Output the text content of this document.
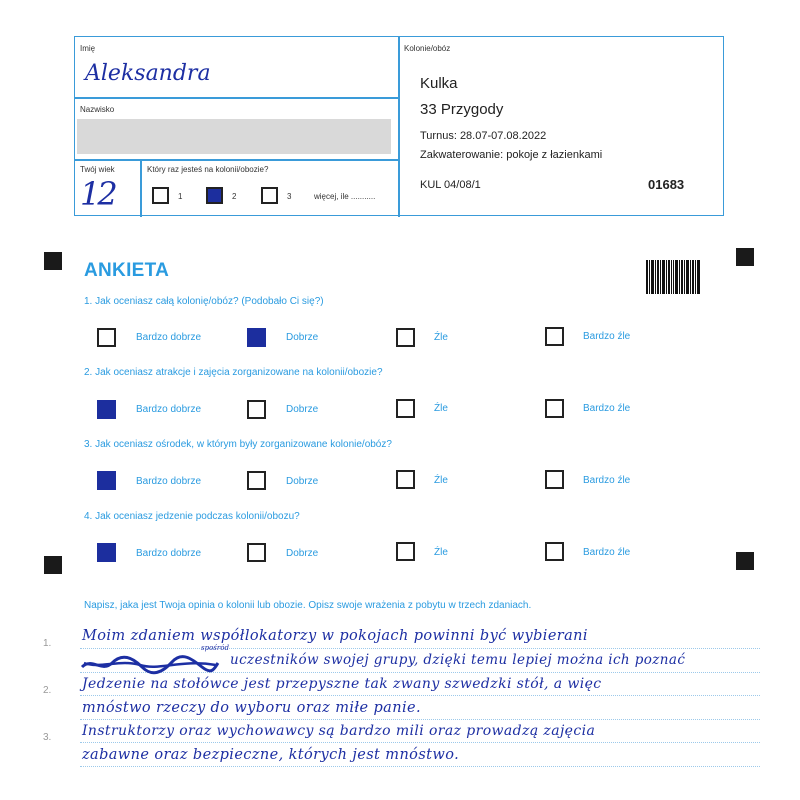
Imię
Aleksandra
Nazwisko
Twój wiek
12
Który raz jesteś na kolonii/obozie?
1	2	3	więcej, ile ...........
Kolonie/obóz
Kulka
33 Przygody
Turnus: 28.07-07.08.2022
Zakwaterowanie: pokoje z łazienkami
KUL 04/08/1	01683
ANKIETA
1. Jak oceniasz całą kolonię/obóz? (Podobało Ci się?)
Bardzo dobrze	Dobrze	Źle	Bardzo źle
2. Jak oceniasz atrakcje i zajęcia zorganizowane na kolonii/obozie?
Bardzo dobrze	Dobrze	Źle	Bardzo źle
3. Jak oceniasz ośrodek, w którym były zorganizowane kolonie/obóz?
Bardzo dobrze	Dobrze	Źle	Bardzo źle
4. Jak oceniasz jedzenie podczas kolonii/obozu?
Bardzo dobrze	Dobrze	Źle	Bardzo źle
Napisz, jaka jest Twoja opinia o kolonii lub obozie. Opisz swoje wrażenia z pobytu w trzech zdaniach.
1.
2.
3.
Moim zdaniem współlokatorzy w pokojach powinni być wybierani
spośród
uczestników swojej grupy, dzięki temu lepiej można ich poznać
Jedzenie na stołówce jest przepyszne tak zwany szwedzki stół, a więc
mnóstwo rzeczy do wyboru oraz miłe panie.
Instruktorzy oraz wychowawcy są bardzo mili oraz prowadzą zajęcia
zabawne oraz bezpieczne, których jest mnóstwo.
